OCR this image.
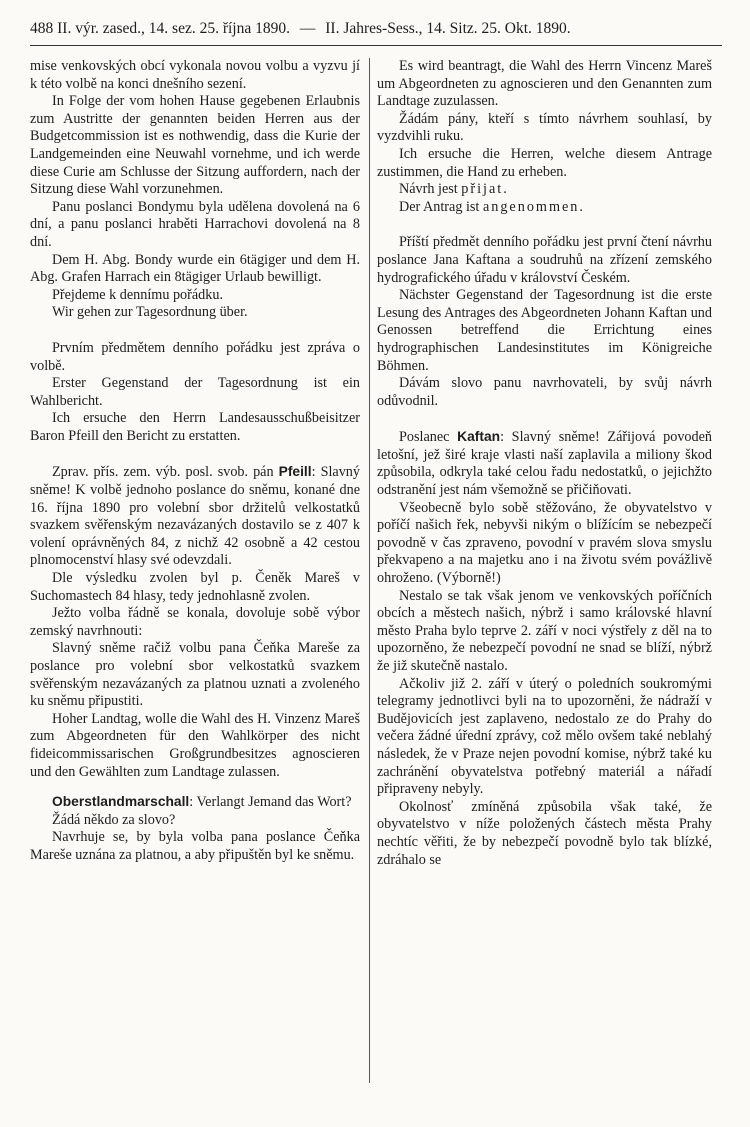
488 II. výr. zased., 14. sez. 25. října 1890. — II. Jahres-Sess., 14. Sitz. 25. Okt. 1890.

mise venkovských obcí vykonala novou volbu a vyzvu jí k této volbě na konci dnešního sezení.

In Folge der vom hohen Hause gegebenen Erlaubnis zum Austritte der genannten beiden Herren aus der Budgetcommission ist es nothwendig, dass die Kurie der Landgemeinden eine Neuwahl vornehme, und ich werde diese Curie am Schlusse der Sitzung auffordern, nach der Sitzung diese Wahl vorzunehmen.

Panu poslanci Bondymu byla udělena dovolená na 6 dní, a panu poslanci hraběti Harrachovi dovolená na 8 dní.

Dem H. Abg. Bondy wurde ein 6tägiger und dem H. Abg. Grafen Harrach ein 8tägiger Urlaub bewilligt.

Přejdeme k dennímu pořádku.

Wir gehen zur Tagesordnung über.

Prvním předmětem denního pořádku jest zpráva o volbě.

Erster Gegenstand der Tagesordnung ist ein Wahlbericht.

Ich ersuche den Herrn Landesausschußbeisitzer Baron Pfeill den Bericht zu erstatten.

Zprav. přís. zem. výb. posl. svob. pán Pfeill: Slavný sněme! K volbě jednoho poslance do sněmu, konané dne 16. října 1890 pro volební sbor držitelů velkostatků svazkem svěřenským nezavázaných dostavilo se z 407 k volení oprávněných 84, z nichž 42 osobně a 42 cestou plnomocenství hlasy své odevzdali.

Dle výsledku zvolen byl p. Čeněk Mareš v Suchomastech 84 hlasy, tedy jednohlasně zvolen.

Ježto volba řádně se konala, dovoluje sobě výbor zemský navrhnouti:

Slavný sněme račiž volbu pana Čeňka Mareše za poslance pro volební sbor velkostatků svazkem svěřenským nezavázaných za platnou uznati a zvoleného ku sněmu připustiti.

Hoher Landtag, wolle die Wahl des H. Vinzenz Mareš zum Abgeordneten für den Wahlkörper des nicht fideicommissarischen Großgrundbesitzes agnoscieren und den Gewählten zum Landtage zulassen.

Oberstlandmarschall: Verlangt Jemand das Wort?

Žádá někdo za slovo?

Navrhuje se, by byla volba pana poslance Čeňka Mareše uznána za platnou, a aby připuštěn byl ke sněmu.

Es wird beantragt, die Wahl des Herrn Vincenz Mareš um Abgeordneten zu agnoscieren und den Genannten zum Landtage zuzulassen.

Žádám pány, kteří s tímto návrhem souhlasí, by vyzdvihli ruku.

Ich ersuche die Herren, welche diesem Antrage zustimmen, die Hand zu erheben.

Návrh jest přijat.

Der Antrag ist angenommen.

Příští předmět denního pořádku jest první čtení návrhu poslance Jana Kaftana a soudruhů na zřízení zemského hydrografického úřadu v království Českém.

Nächster Gegenstand der Tagesordnung ist die erste Lesung des Antrages des Abgeordneten Johann Kaftan und Genossen betreffend die Errichtung eines hydrographischen Landesinstitutes im Königreiche Böhmen.

Dávám slovo panu navrhovateli, by svůj návrh odůvodnil.

Poslanec Kaftan: Slavný sněme! Zářijová povodeň letošní, jež širé kraje vlasti naší zaplavila a miliony škod způsobila, odkryla také celou řadu nedostatků, o jejichžto odstranění jest nám všemožně se přičiňovati.

Všeobecně bylo sobě stěžováno, že obyvatelstvo v poříčí našich řek, nebyvši nikým o blížícím se nebezpečí povodně v čas zpraveno, povodní v pravém slova smyslu překvapeno a na majetku ano i na životu svém povážlivě ohroženo. (Výborně!)

Nestalo se tak však jenom ve venkovských poříčních obcích a městech našich, nýbrž i samo královské hlavní město Praha bylo teprve 2. září v noci výstřely z děl na to upozorněno, že nebezpečí povodní ne snad se blíží, nýbrž že již skutečně nastalo.

Ačkoliv již 2. září v úterý o poledních soukromými telegramy jednotlivci byli na to upozorněni, že nádraží v Budějovicích jest zaplaveno, nedostalo ze do Prahy do večera žádné úřední zprávy, což mělo ovšem také neblahý následek, že v Praze nejen povodní komise, nýbrž také ku zachránění obyvatelstva potřebný materiál a nářadí připraveny nebyly.

Okolnosť zmíněná způsobila však také, že obyvatelstvo v níže položených částech města Prahy nechtíc věřiti, že by nebezpečí povodně bylo tak blízké, zdráhalo se
